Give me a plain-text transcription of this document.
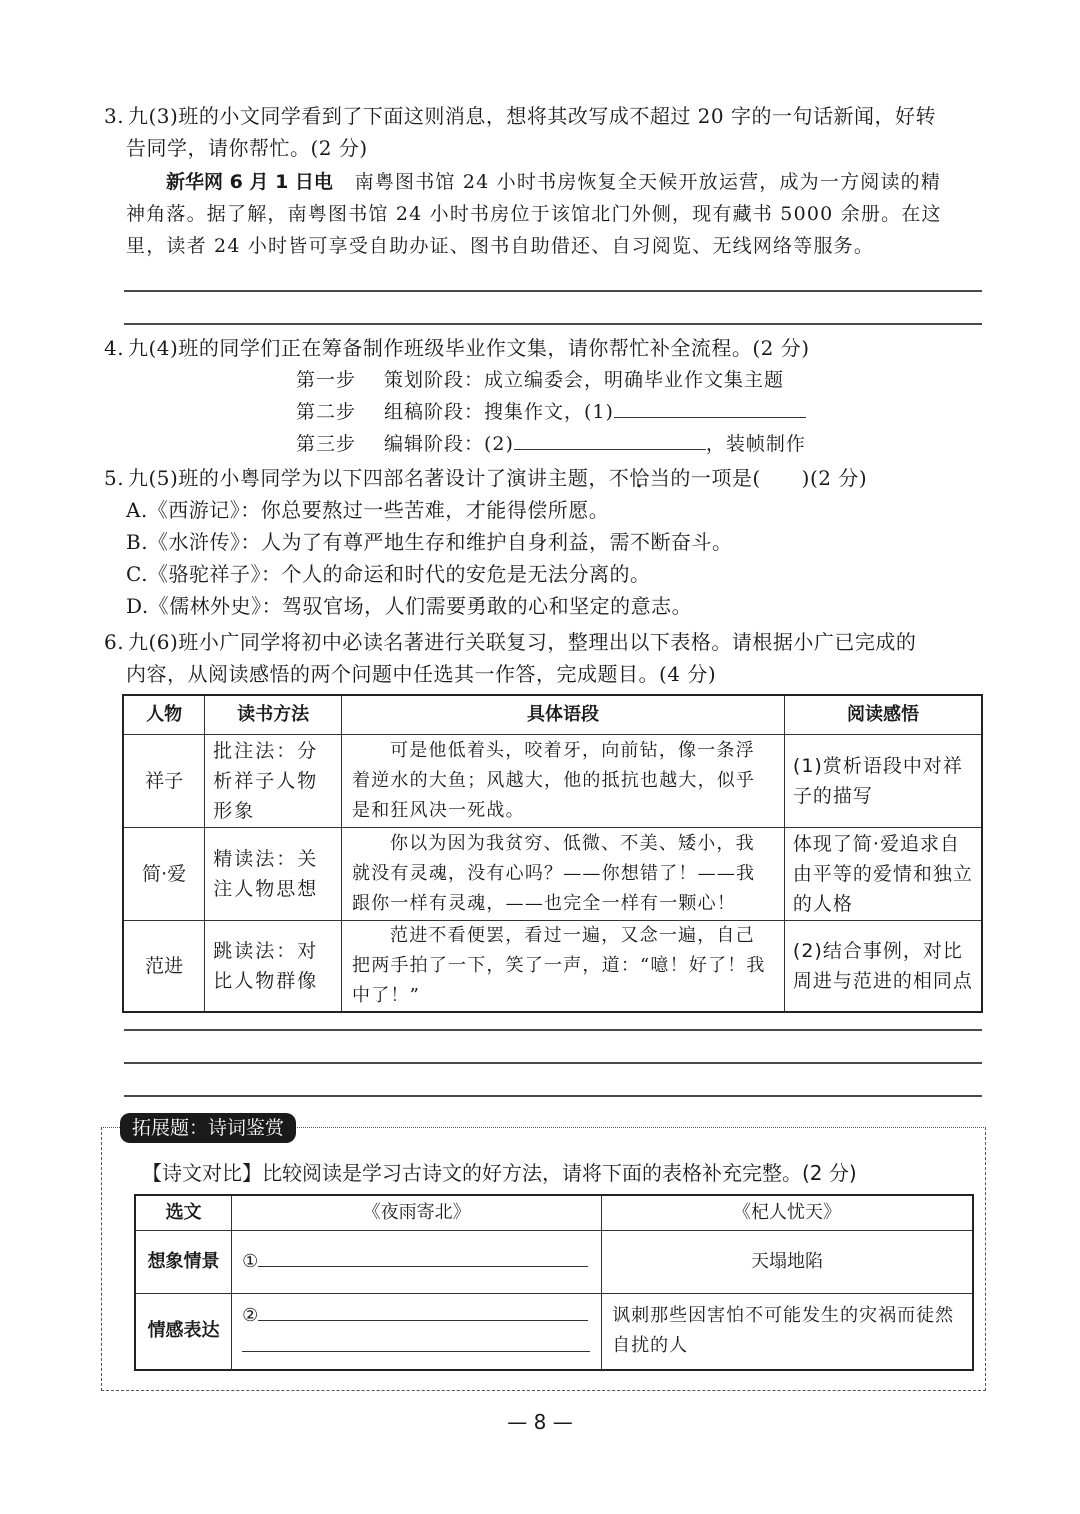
3. 九(3)班的小文同学看到了下面这则消息，想将其改写成不超过 20 字的一句话新闻，好转
告同学，请你帮忙。(2 分)
新华网 6 月 1 日电 南粤图书馆 24 小时书房恢复全天候开放运营，成为一方阅读的精
神角落。据了解，南粤图书馆 24 小时书房位于该馆北门外侧，现有藏书 5000 余册。在这
里，读者 24 小时皆可享受自助办证、图书自助借还、自习阅览、无线网络等服务。
4. 九(4)班的同学们正在筹备制作班级毕业作文集，请你帮忙补全流程。(2 分)
第一步 策划阶段：成立编委会，明确毕业作文集主题
第二步 组稿阶段：搜集作文，(1)
第三步 编辑阶段：(2)	，装帧制作
5. 九(5)班的小粤同学为以下四部名著设计了演讲主题，不恰当的一项是(　　)(2 分)
A.《西游记》：你总要熬过一些苦难，才能得偿所愿。
B.《水浒传》：人为了有尊严地生存和维护自身利益，需不断奋斗。
C.《骆驼祥子》：个人的命运和时代的安危是无法分离的。
D.《儒林外史》：驾驭官场，人们需要勇敢的心和坚定的意志。
6. 九(6)班小广同学将初中必读名著进行关联复习，整理出以下表格。请根据小广已完成的
内容，从阅读感悟的两个问题中任选其一作答，完成题目。(4 分)
人物	读书方法	具体语段	阅读感悟
祥子	批注法：分析祥子人物形象	可是他低着头，咬着牙，向前钻，像一条浮着逆水的大鱼；风越大，他的抵抗也越大，似乎是和狂风决一死战。	(1)赏析语段中对祥子的描写
简·爱	精读法：关注人物思想	你以为因为我贫穷、低微、不美、矮小，我就没有灵魂，没有心吗？——你想错了！——我跟你一样有灵魂，——也完全一样有一颗心！	体现了简·爱追求自由平等的爱情和独立的人格
范进	跳读法：对比人物群像	范进不看便罢，看过一遍，又念一遍，自己把两手拍了一下，笑了一声，道：“噫！好了！我中了！”	(2)结合事例，对比周进与范进的相同点
拓展题：诗词鉴赏
【诗文对比】比较阅读是学习古诗文的好方法，请将下面的表格补充完整。(2 分)
选文	《夜雨寄北》	《杞人忧天》
想象情景	①	天塌地陷
情感表达	②	讽刺那些因害怕不可能发生的灾祸而徒然自扰的人
— 8 —
